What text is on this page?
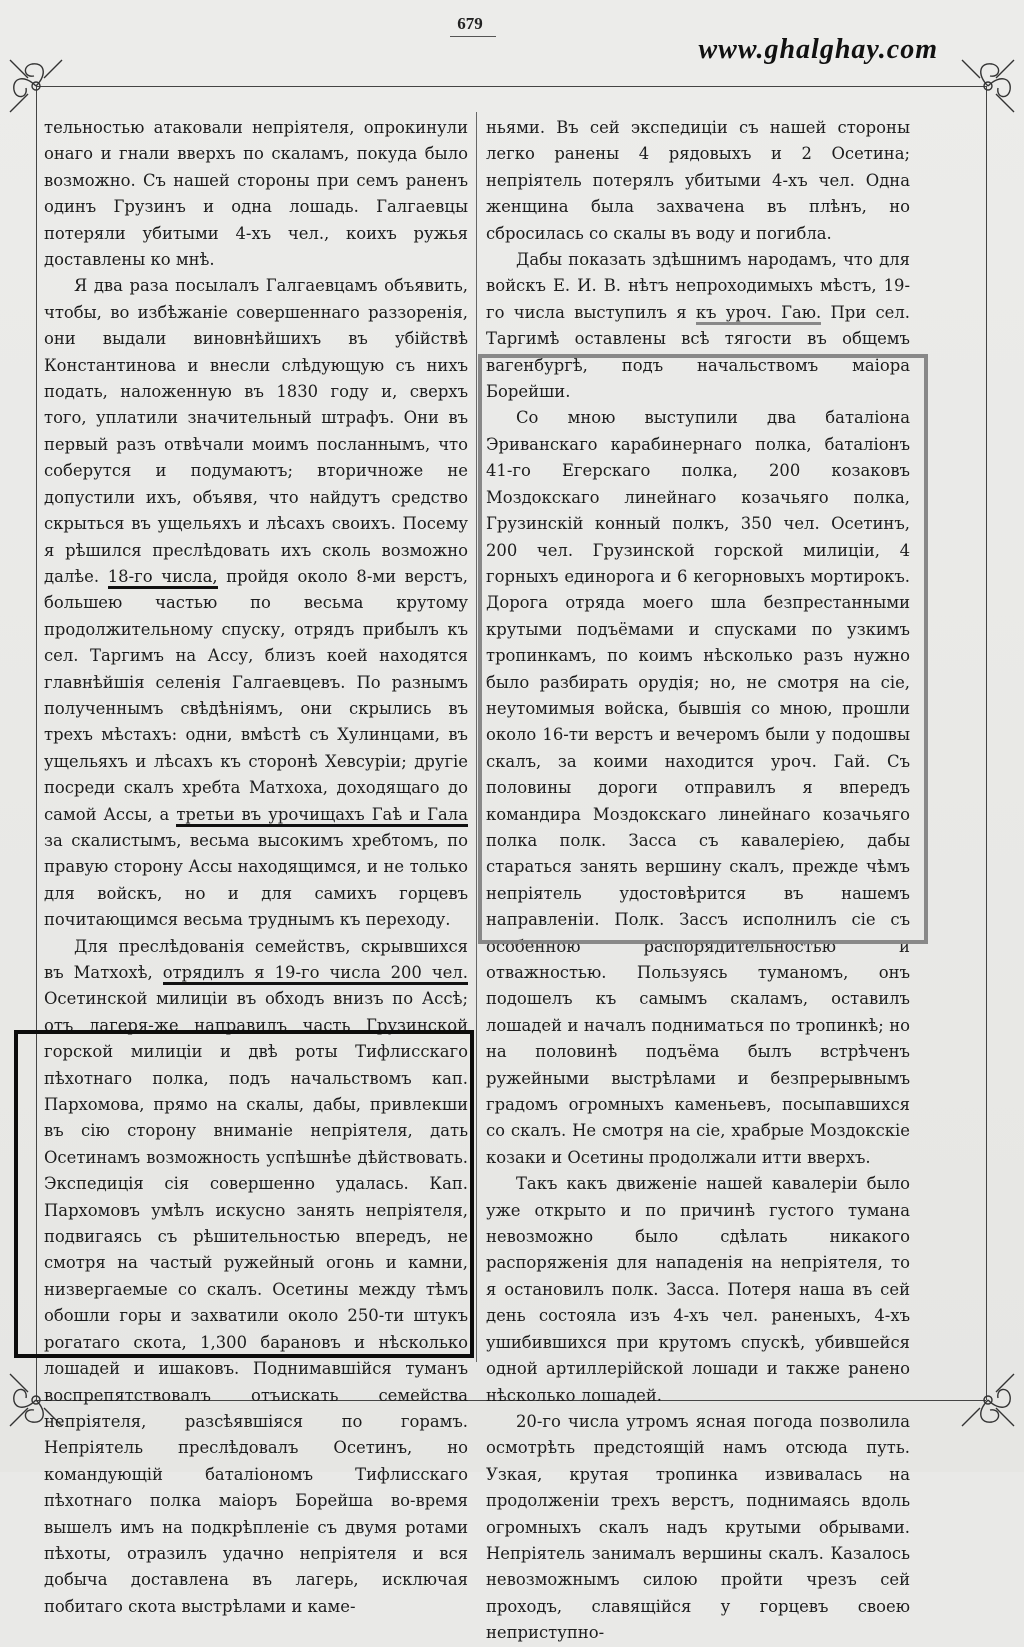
679
www.ghalghay.com

тельностью атаковали непріятеля, опрокинули онаго и гнали вверхъ по скаламъ, покуда было возможно. Съ нашей стороны при семъ раненъ одинъ Грузинъ и одна лошадь. Галгаевцы потеряли убитыми 4-хъ чел., коихъ ружья доставлены ко мнѣ.

Я два раза посылалъ Галгаевцамъ объявить, чтобы, во избѣжаніе совершеннаго раззоренія, они выдали виновнѣйшихъ въ убійствѣ Константинова и внесли слѣдующую съ нихъ подать, наложенную въ 1830 году и, сверхъ того, уплатили значительный штрафъ. Они въ первый разъ отвѣчали моимъ посланнымъ, что соберутся и подумаютъ; вторичноже не допустили ихъ, объявя, что найдутъ средство скрыться въ ущельяхъ и лѣсахъ своихъ. Посему я рѣшился преслѣдовать ихъ сколь возможно далѣе. 18-го числа, пройдя около 8-ми верстъ, большею частью по весьма крутому продолжительному спуску, отрядъ прибылъ къ сел. Таргимъ на Ассу, близъ коей находятся главнѣйшія селенія Галгаевцевъ. По разнымъ полученнымъ свѣдѣніямъ, они скрылись въ трехъ мѣстахъ: одни, вмѣстѣ съ Хулинцами, въ ущельяхъ и лѣсахъ къ сторонѣ Хевсуріи; другіе посреди скалъ хребта Матхоха, доходящаго до самой Ассы, а третьи въ урочищахъ Гаѣ и Гала за скалистымъ, весьма высокимъ хребтомъ, по правую сторону Ассы находящимся, и не только для войскъ, но и для самихъ горцевъ почитающимся весьма труднымъ къ переходу.

Для преслѣдованія семействъ, скрывшихся въ Матхохѣ, отрядилъ я 19-го числа 200 чел. Осетинской милиціи въ обходъ внизъ по Ассѣ; отъ лагеря-же направилъ часть Грузинской горской милиціи и двѣ роты Тифлисскаго пѣхотнаго полка, подъ начальствомъ кап. Пархомова, прямо на скалы, дабы, привлекши въ сію сторону вниманіе непріятеля, дать Осетинамъ возможность успѣшнѣе дѣйствовать. Экспедиція сія совершенно удалась. Кап. Пархомовъ умѣлъ искусно занять непріятеля, подвигаясь съ рѣшительностью впередъ, не смотря на частый ружейный огонь и камни, низвергаемые со скалъ. Осетины между тѣмъ обошли горы и захватили около 250-ти штукъ рогатаго скота, 1,300 барановъ и нѣсколько лошадей и ишаковъ. Поднимавшійся туманъ воспрепятствовалъ отъискать семейства непріятеля, разсѣявшіяся по горамъ. Непріятель преслѣдовалъ Осетинъ, но командующій баталіономъ Тифлисскаго пѣхотнаго полка маіоръ Борейша во-время вышелъ имъ на подкрѣпленіе съ двумя ротами пѣхоты, отразилъ удачно непріятеля и вся добыча доставлена въ лагерь, исключая побитаго скота выстрѣлами и каме-

ньями. Въ сей экспедиціи съ нашей стороны легко ранены 4 рядовыхъ и 2 Осетина; непріятель потерялъ убитыми 4-хъ чел. Одна женщина была захвачена въ плѣнъ, но сбросилась со скалы въ воду и погибла.

Дабы показать здѣшнимъ народамъ, что для войскъ Е. И. В. нѣтъ непроходимыхъ мѣстъ, 19-го числа выступилъ я къ уроч. Гаю. При сел. Таргимѣ оставлены всѣ тягости въ общемъ вагенбургѣ, подъ начальствомъ маіора Борейши.

Со мною выступили два баталіона Эриванскаго карабинернаго полка, баталіонъ 41-го Егерскаго полка, 200 козаковъ Моздокскаго линейнаго козачьяго полка, Грузинскій конный полкъ, 350 чел. Осетинъ, 200 чел. Грузинской горской милиціи, 4 горныхъ единорога и 6 кегорновыхъ мортирокъ. Дорога отряда моего шла безпрестанными крутыми подъёмами и спусками по узкимъ тропинкамъ, по коимъ нѣсколько разъ нужно было разбирать орудія; но, не смотря на сіе, неутомимыя войска, бывшія со мною, прошли около 16-ти верстъ и вечеромъ были у подошвы скалъ, за коими находится уроч. Гай. Съ половины дороги отправилъ я впередъ командира Моздокскаго линейнаго козачьяго полка полк. Засса съ кавалеріею, дабы стараться занять вершину скалъ, прежде чѣмъ непріятель удостовѣрится въ нашемъ направленіи. Полк. Зассъ исполнилъ сіе съ особенною распорядительностью и отважностью. Пользуясь туманомъ, онъ подошелъ къ самымъ скаламъ, оставилъ лошадей и началъ подниматься по тропинкѣ; но на половинѣ подъёма былъ встрѣченъ ружейными выстрѣлами и безпрерывнымъ градомъ огромныхъ каменьевъ, посыпавшихся со скалъ. Не смотря на сіе, храбрые Моздокскіе козаки и Осетины продолжали итти вверхъ.

Такъ какъ движеніе нашей кавалеріи было уже открыто и по причинѣ густого тумана невозможно было сдѣлать никакого распоряженія для нападенія на непріятеля, то я остановилъ полк. Засса. Потеря наша въ сей день состояла изъ 4-хъ чел. раненыхъ, 4-хъ ушибившихся при крутомъ спускѣ, убившейся одной артиллерійской лошади и также ранено нѣсколько лошадей.

20-го числа утромъ ясная погода позволила осмотрѣть предстоящій намъ отсюда путь. Узкая, крутая тропинка извивалась на продолженіи трехъ верстъ, поднимаясь вдоль огромныхъ скалъ надъ крутыми обрывами. Непріятель занималъ вершины скалъ. Казалось невозможнымъ силою пройти чрезъ сей проходъ, славящійся у горцевъ своею неприступно-
